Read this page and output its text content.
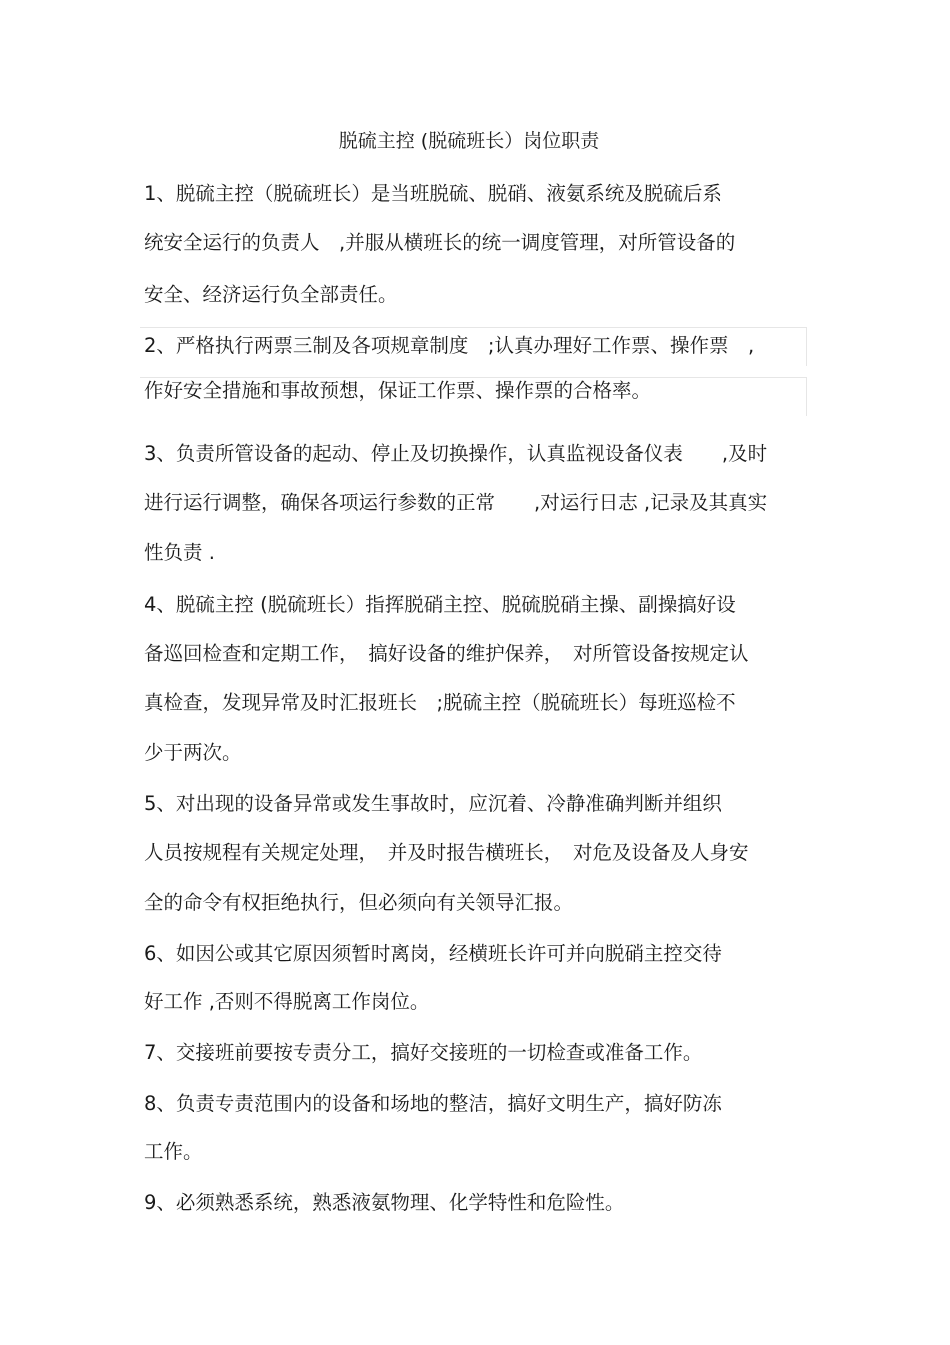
脱硫主控 (脱硫班长）岗位职责
1、脱硫主控（脱硫班长）是当班脱硫、脱硝、液氨系统及脱硫后系
统安全运行的负责人　,并服从横班长的统一调度管理，对所管设备的
安全、经济运行负全部责任。
2、严格执行两票三制及各项规章制度　;认真办理好工作票、操作票　,
作好安全措施和事故预想，保证工作票、操作票的合格率。
3、负责所管设备的起动、停止及切换操作，认真监视设备仪表　　,及时
进行运行调整，确保各项运行参数的正常　　,对运行日志 ,记录及其真实
性负责 .
4、脱硫主控 (脱硫班长）指挥脱硝主控、脱硫脱硝主操、副操搞好设
备巡回检查和定期工作，　搞好设备的维护保养，　对所管设备按规定认
真检查，发现异常及时汇报班长　;脱硫主控（脱硫班长）每班巡检不
少于两次。
5、对出现的设备异常或发生事故时，应沉着、冷静准确判断并组织
人员按规程有关规定处理，　并及时报告横班长，　对危及设备及人身安
全的命令有权拒绝执行，但必须向有关领导汇报。
6、如因公或其它原因须暂时离岗，经横班长许可并向脱硝主控交待
好工作 ,否则不得脱离工作岗位。
7、交接班前要按专责分工，搞好交接班的一切检查或准备工作。
8、负责专责范围内的设备和场地的整洁，搞好文明生产，搞好防冻
工作。
9、必须熟悉系统，熟悉液氨物理、化学特性和危险性。
